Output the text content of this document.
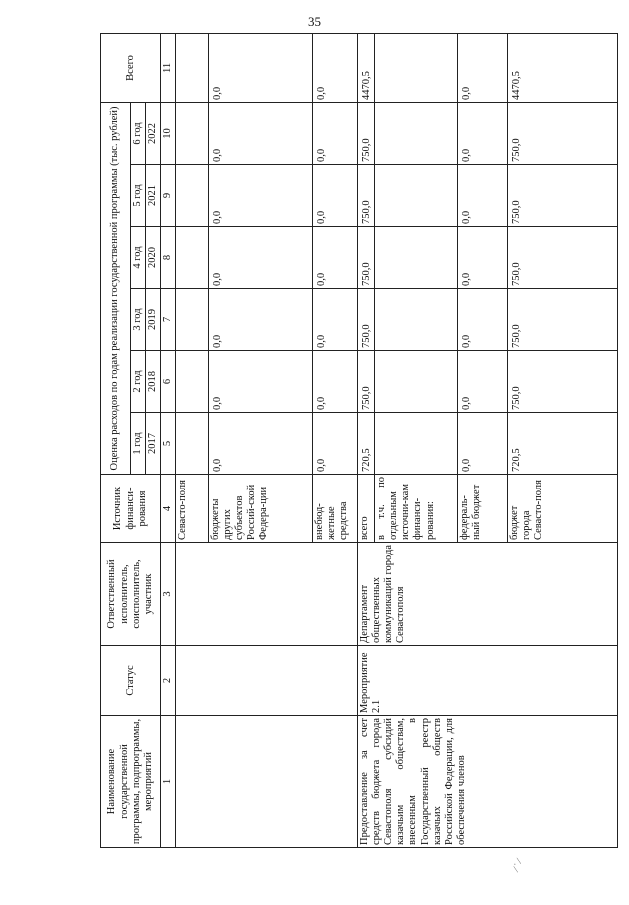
35
Наименование государственной программы, подпрограммы, мероприятий	Статус	Ответственный исполнитель, соисполнитель, участник	Источник финанси-рования	Оценка расходов по годам реализации государственной программы (тыс. рублей)						Всего
				1 год	2 год	3 год	4 год	5 год	6 год	
				2017	2018	2019	2020	2021	2022	
1	2	3	4	5	6	7	8	9	10	11
			Севасто-поля							
			бюджеты других субъектов Россий-ской Федера-ции	0,0	0,0	0,0	0,0	0,0	0,0	0,0
			внебюд-жетные средства	0,0	0,0	0,0	0,0	0,0	0,0	0,0
Предоставление за счет средств бюджета города Севастополя субсидий казачьим обществам, внесенным в Государственный реестр казачьих обществ Российской Федерации, для обеспечения членов	Мероприятие 2.1	Департамент общественных коммуникаций города Севастополя	всего	720,5	750,0	750,0	750,0	750,0	750,0	4470,5
			в т.ч. по отдельным источни-кам финанси-рования:							
			федераль-ный бюджет	0,0	0,0	0,0	0,0	0,0	0,0	0,0
			бюджет города Севасто-поля	720,5	750,0	750,0	750,0	750,0	750,0	4470,5
⁄ ˙ ⁄
